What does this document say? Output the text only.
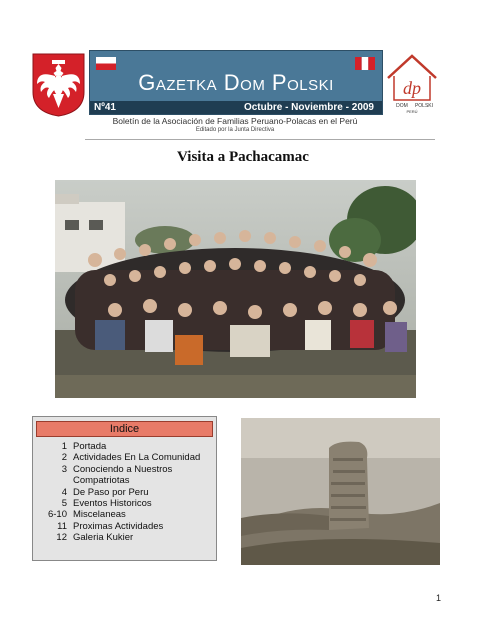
Gazetka Dom Polski
Nº41	Octubre - Noviembre - 2009
dp
DOM POLSKI
PERÚ
Boletín de la Asociación de Familias Peruano-Polacas en el Perú
Editado por la Junta Directiva
Visita a Pachacamac
Indice
1 Portada
2 Actividades En La Comunidad
3 Conociendo a Nuestros Compatriotas
4 De Paso por Peru
5 Eventos Historicos
6-10 Miscelaneas
11 Proximas Actividades
12 Galeria Kukier
1
